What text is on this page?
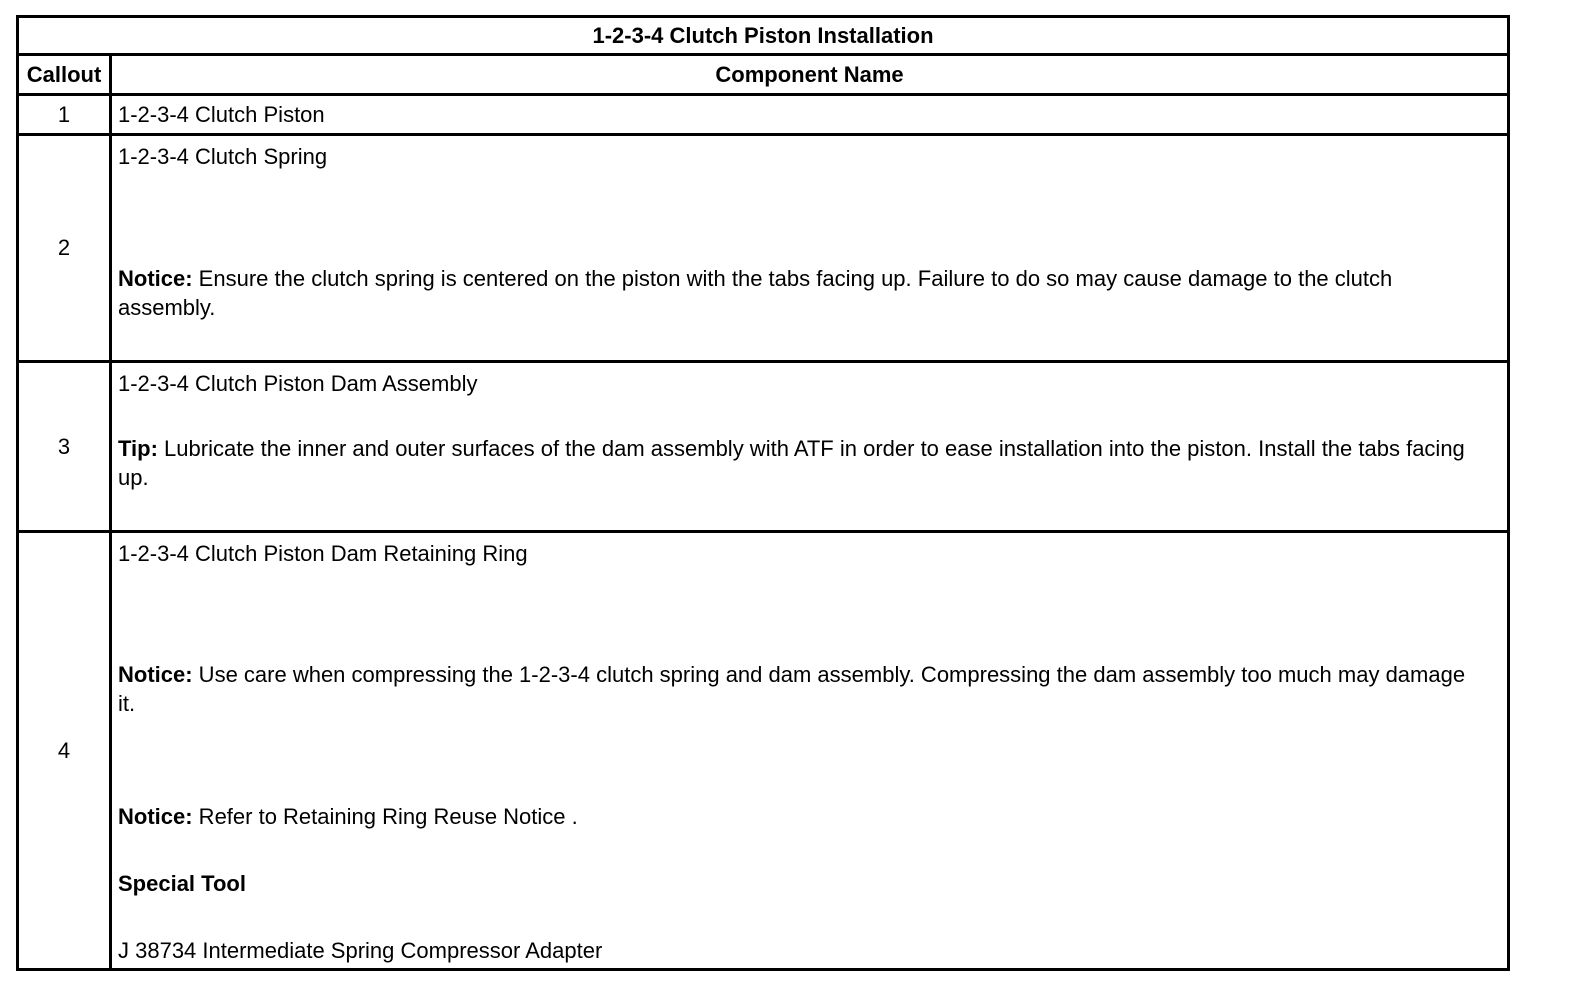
1-2-3-4 Clutch Piston Installation
Callout	Component Name
1	1-2-3-4 Clutch Piston
2
1-2-3-4 Clutch Spring
Notice: Ensure the clutch spring is centered on the piston with the tabs facing up. Failure to do so may cause damage to the clutch assembly.
3
1-2-3-4 Clutch Piston Dam Assembly
Tip: Lubricate the inner and outer surfaces of the dam assembly with ATF in order to ease installation into the piston. Install the tabs facing up.
4
1-2-3-4 Clutch Piston Dam Retaining Ring
Notice: Use care when compressing the 1-2-3-4 clutch spring and dam assembly. Compressing the dam assembly too much may damage it.
Notice: Refer to Retaining Ring Reuse Notice .
Special Tool
J 38734 Intermediate Spring Compressor Adapter
